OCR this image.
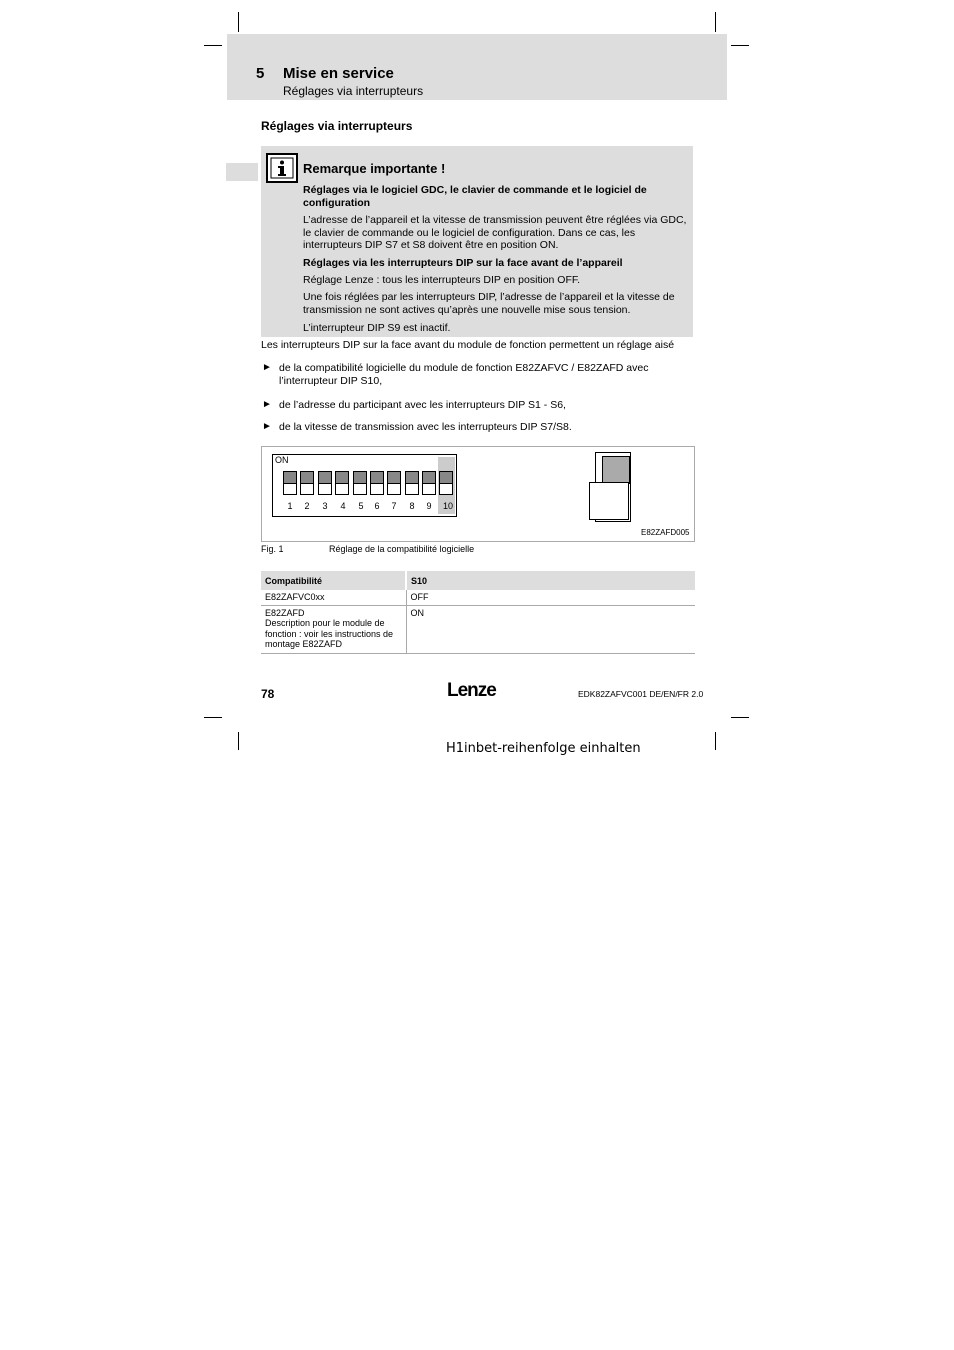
5 Mise en service
Réglages via interrupteurs
Réglages via interrupteurs
Remarque importante !
Réglages via le logiciel GDC, le clavier de commande et le logiciel de configuration
L’adresse de l’appareil et la vitesse de transmission peuvent être réglées via GDC, le clavier de commande ou le logiciel de configuration. Dans ce cas, les interrupteurs DIP S7 et S8 doivent être en position ON.
Réglages via les interrupteurs DIP sur la face avant de l’appareil
Réglage Lenze : tous les interrupteurs DIP en position OFF.
Une fois réglées par les interrupteurs DIP, l’adresse de l’appareil et la vitesse de transmission ne sont actives qu’après une nouvelle mise sous tension.
L’interrupteur DIP S9 est inactif.
Les interrupteurs DIP sur la face avant du module de fonction permettent un réglage aisé
► de la compatibilité logicielle du module de fonction E82ZAFVC / E82ZAFD avec l’interrupteur DIP S10,
► de l’adresse du participant avec les interrupteurs DIP S1 - S6,
► de la vitesse de transmission avec les interrupteurs DIP S7/S8.
ON
1	2	3	4	5	6	7	8	9	10
E82ZAFD005
Fig. 1	Réglage de la compatibilité logicielle
Compatibilité	S10
E82ZAFVC0xx	OFF

E82ZAFD
Description pour le module de fonction : voir les instructions de montage E82ZAFD	ON
78	Lenze	EDK82ZAFVC001 DE/EN/FR 2.0
H1inbet-reihenfolge einhalten
